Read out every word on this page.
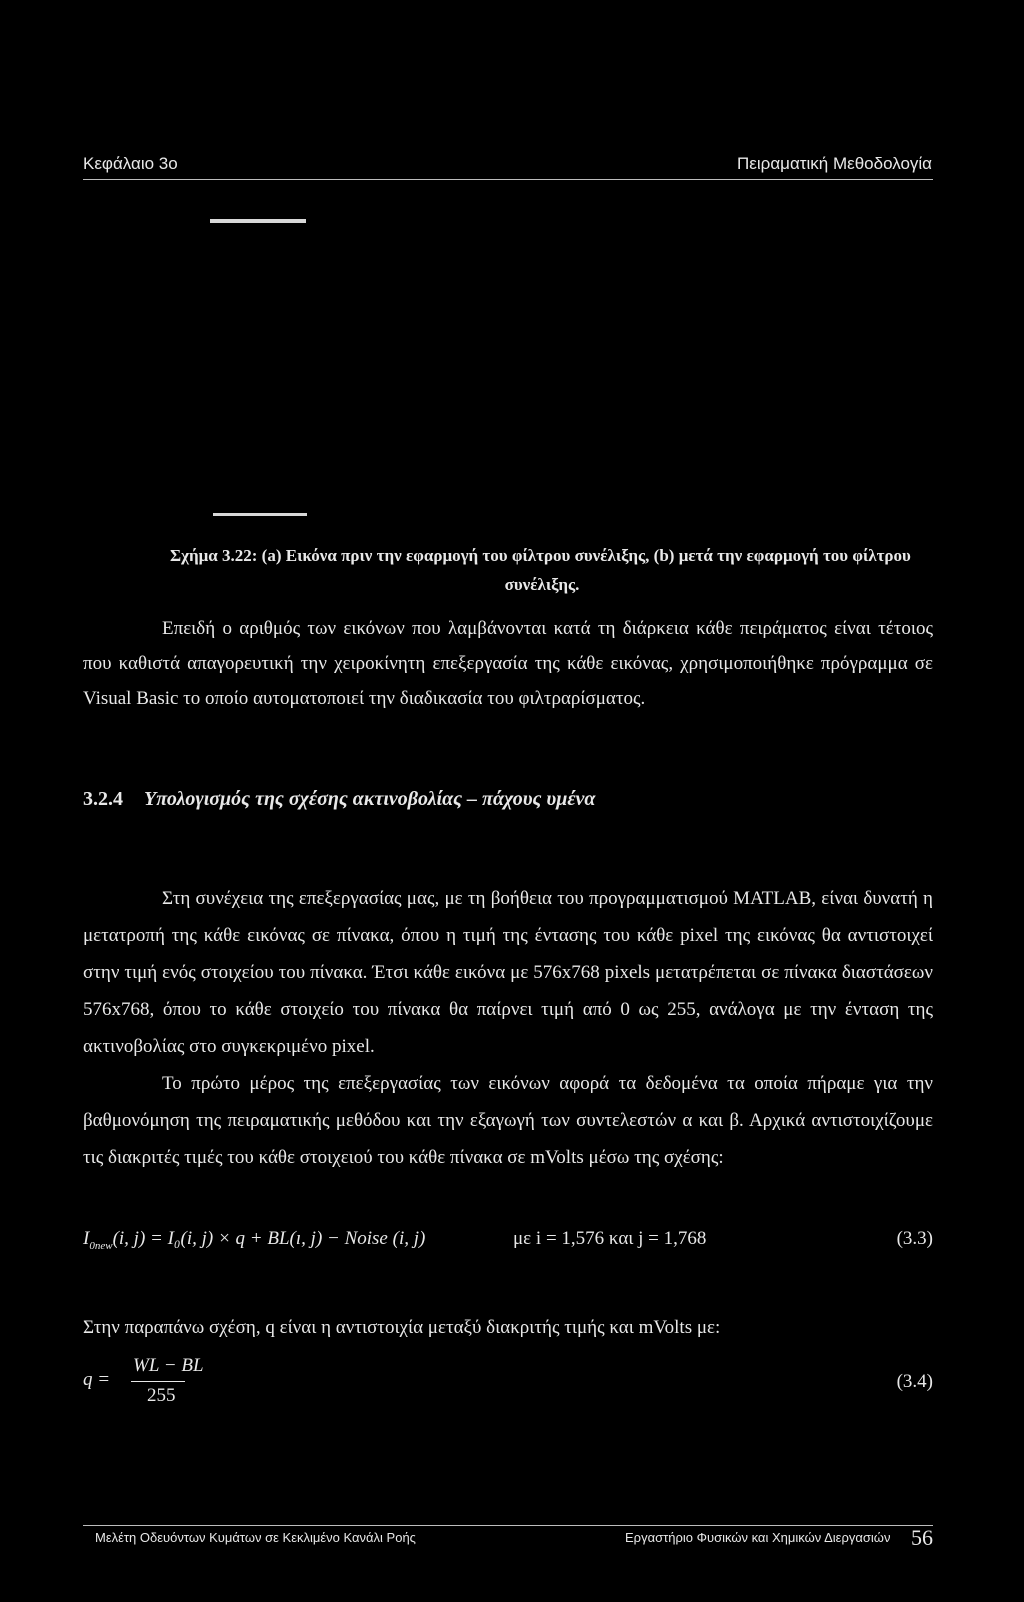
Κεφάλαιο 3ο	Πειραματική Μεθοδολογία
Σχήμα 3.22: (a) Εικόνα πριν την εφαρμογή του φίλτρου συνέλιξης, (b) μετά την εφαρμογή του φίλτρου
συνέλιξης.

Επειδή ο αριθμός των εικόνων που λαμβάνονται κατά τη διάρκεια κάθε πειράματος είναι τέτοιος που καθιστά απαγορευτική την χειροκίνητη επεξεργασία της κάθε εικόνας, χρησιμοποιήθηκε πρόγραμμα σε Visual Basic το οποίο αυτοματοποιεί την διαδικασία του φιλτραρίσματος.

3.2.4 Υπολογισμός της σχέσης ακτινοβολίας – πάχους υμένα

Στη συνέχεια της επεξεργασίας μας, με τη βοήθεια του προγραμματισμού MATLAB, είναι δυνατή η μετατροπή της κάθε εικόνας σε πίνακα, όπου η τιμή της έντασης του κάθε pixel της εικόνας θα αντιστοιχεί στην τιμή ενός στοιχείου του πίνακα. Έτσι κάθε εικόνα με 576x768 pixels μετατρέπεται σε πίνακα διαστάσεων 576x768, όπου το κάθε στοιχείο του πίνακα θα παίρνει τιμή από 0 ως 255, ανάλογα με την ένταση της ακτινοβολίας στο συγκεκριμένο pixel.

Το πρώτο μέρος της επεξεργασίας των εικόνων αφορά τα δεδομένα τα οποία πήραμε για την βαθμονόμηση της πειραματικής μεθόδου και την εξαγωγή των συντελεστών α και β. Αρχικά αντιστοιχίζουμε τις διακριτές τιμές του κάθε στοιχειού του κάθε πίνακα σε mVolts μέσω της σχέσης:

$I_{0new}(i$, j) = I₀(i, j) × q + BL(ı, j) − Noise (i, j)	με i = 1,576 και j = 1,768	(3.3)

Στην παραπάνω σχέση, q είναι η αντιστοιχία μεταξύ διακριτής τιμής και mVolts με:

q =
WL − BL
255
(3.4)
Μελέτη Οδευόντων Κυμάτων σε Κεκλιμένο Κανάλι Ροής	Εργαστήριο Φυσικών και Χημικών Διεργασιών 56
